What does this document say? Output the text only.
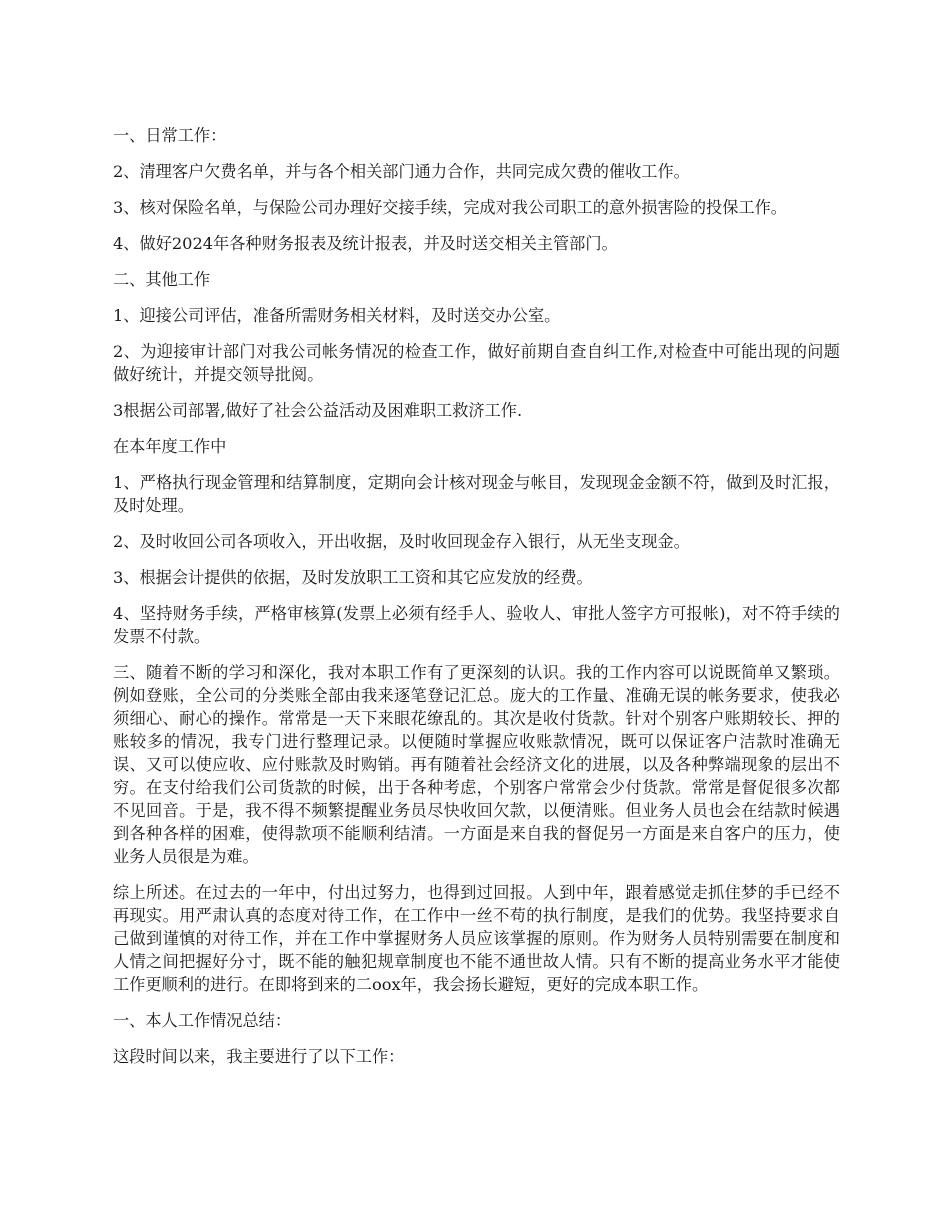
一、日常工作：

2、清理客户欠费名单，并与各个相关部门通力合作，共同完成欠费的催收工作。

3、核对保险名单，与保险公司办理好交接手续，完成对我公司职工的意外损害险的投保工作。

4、做好2024年各种财务报表及统计报表，并及时送交相关主管部门。

二、其他工作

1、迎接公司评估，准备所需财务相关材料，及时送交办公室。

2、为迎接审计部门对我公司帐务情况的检查工作，做好前期自查自纠工作,对检查中可能出现的问题做好统计，并提交领导批阅。

3根据公司部署,做好了社会公益活动及困难职工救济工作.

在本年度工作中

1、严格执行现金管理和结算制度，定期向会计核对现金与帐目，发现现金金额不符，做到及时汇报，及时处理。

2、及时收回公司各项收入，开出收据，及时收回现金存入银行，从无坐支现金。

3、根据会计提供的依据，及时发放职工工资和其它应发放的经费。

4、坚持财务手续，严格审核算(发票上必须有经手人、验收人、审批人签字方可报帐)，对不符手续的发票不付款。

三、随着不断的学习和深化，我对本职工作有了更深刻的认识。我的工作内容可以说既简单又繁琐。例如登账，全公司的分类账全部由我来逐笔登记汇总。庞大的工作量、准确无误的帐务要求，使我必须细心、耐心的操作。常常是一天下来眼花缭乱的。其次是收付货款。针对个别客户账期较长、押的账较多的情况，我专门进行整理记录。以便随时掌握应收账款情况，既可以保证客户洁款时准确无误、又可以使应收、应付账款及时购销。再有随着社会经济文化的进展，以及各种弊端现象的层出不穷。在支付给我们公司货款的时候，出于各种考虑，个别客户常常会少付货款。常常是督促很多次都不见回音。于是，我不得不频繁提醒业务员尽快收回欠款，以便清账。但业务人员也会在结款时候遇到各种各样的困难，使得款项不能顺利结清。一方面是来自我的督促另一方面是来自客户的压力，使业务人员很是为难。

综上所述。在过去的一年中，付出过努力，也得到过回报。人到中年，跟着感觉走抓住梦的手已经不再现实。用严肃认真的态度对待工作，在工作中一丝不苟的执行制度，是我们的优势。我坚持要求自己做到谨慎的对待工作，并在工作中掌握财务人员应该掌握的原则。作为财务人员特别需要在制度和人情之间把握好分寸，既不能的触犯规章制度也不能不通世故人情。只有不断的提高业务水平才能使工作更顺利的进行。在即将到来的二oox年，我会扬长避短，更好的完成本职工作。

一、本人工作情况总结：

这段时间以来，我主要进行了以下工作：
